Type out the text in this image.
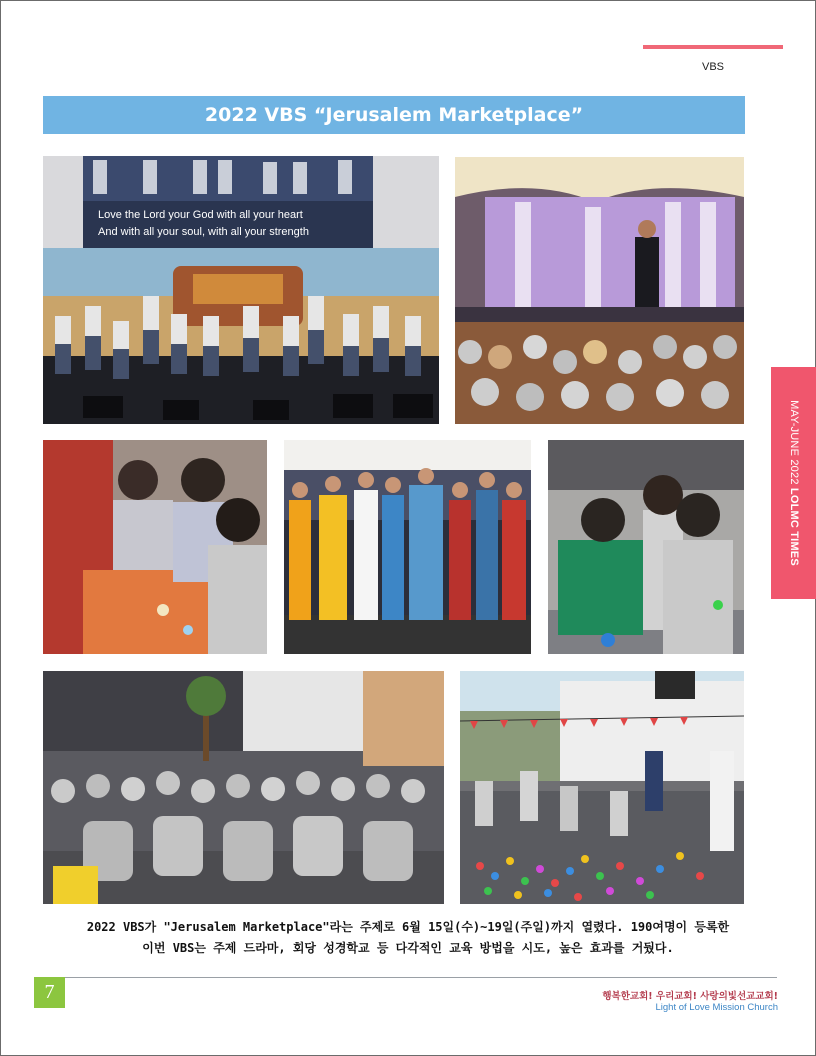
VBS
2022 VBS “Jerusalem Marketplace”
MAY-JUNE 2022 LOLMC TIMES
Love the Lord your God with all your heart
And with all your soul, with all your strength
2022 VBS가 "Jerusalem Marketplace"라는 주제로 6월 15일(수)~19일(주일)까지 열렸다. 190여명이 등록한
이번 VBS는 주제 드라마, 회당 성경학교 등 다각적인 교육 방법을 시도, 높은 효과를 거뒀다.
7	행복한교회! 우리교회! 사랑의빛선교교회!
Light of Love Mission Church
